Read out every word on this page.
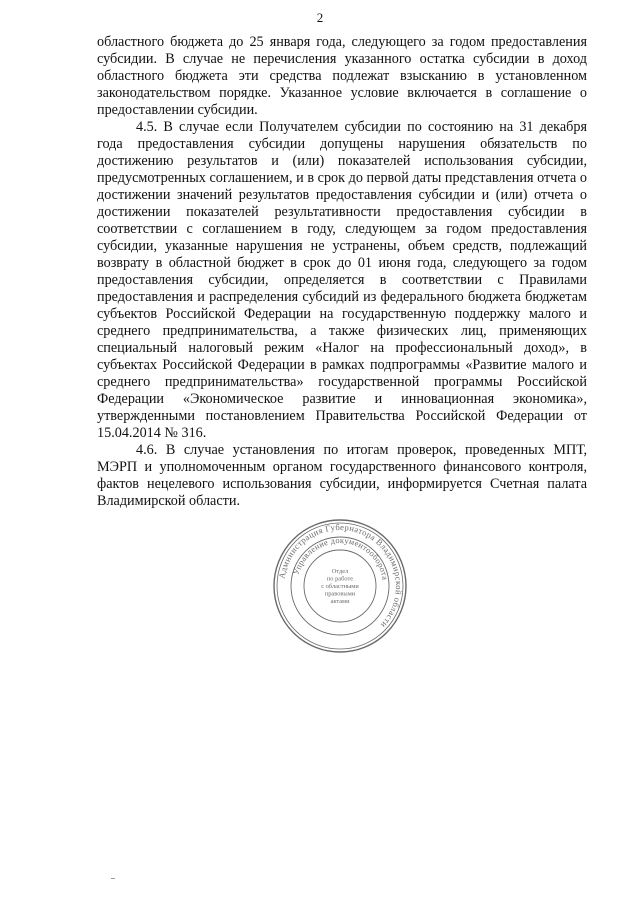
2

областного бюджета до 25 января года, следующего за годом предоставления субсидии. В случае не перечисления указанного остатка субсидии в доход областного бюджета эти средства подлежат взысканию в установленном законодательством порядке. Указанное условие включается в соглашение о предоставлении субсидии.

4.5. В случае если Получателем субсидии по состоянию на 31 декабря года предоставления субсидии допущены нарушения обязательств по достижению результатов и (или) показателей использования субсидии, предусмотренных соглашением, и в срок до первой даты представления отчета о достижении значений результатов предоставления субсидии и (или) отчета о достижении показателей результативности предоставления субсидии в соответствии с соглашением в году, следующем за годом предоставления субсидии, указанные нарушения не устранены, объем средств, подлежащий возврату в областной бюджет в срок до 01 июня года, следующего за годом предоставления субсидии, определяется в соответствии с Правилами предоставления и распределения субсидий из федерального бюджета бюджетам субъектов Российской Федерации на государственную поддержку малого и среднего предпринимательства, а также физических лиц, применяющих специальный налоговый режим «Налог на профессиональный доход», в субъектах Российской Федерации в рамках подпрограммы «Развитие малого и среднего предпринимательства» государственной программы Российской Федерации «Экономическое развитие и инновационная экономика», утвержденными постановлением Правительства Российской Федерации от 15.04.2014 № 316.

4.6. В случае установления по итогам проверок, проведенных МПТ, МЭРП и уполномоченным органом государственного финансового контроля, фактов нецелевого использования субсидии, информируется Счетная палата Владимирской области.

Администрация Губернатора Владимирской области
Управление документооборота
Отдел по работе с областными правовыми актами
